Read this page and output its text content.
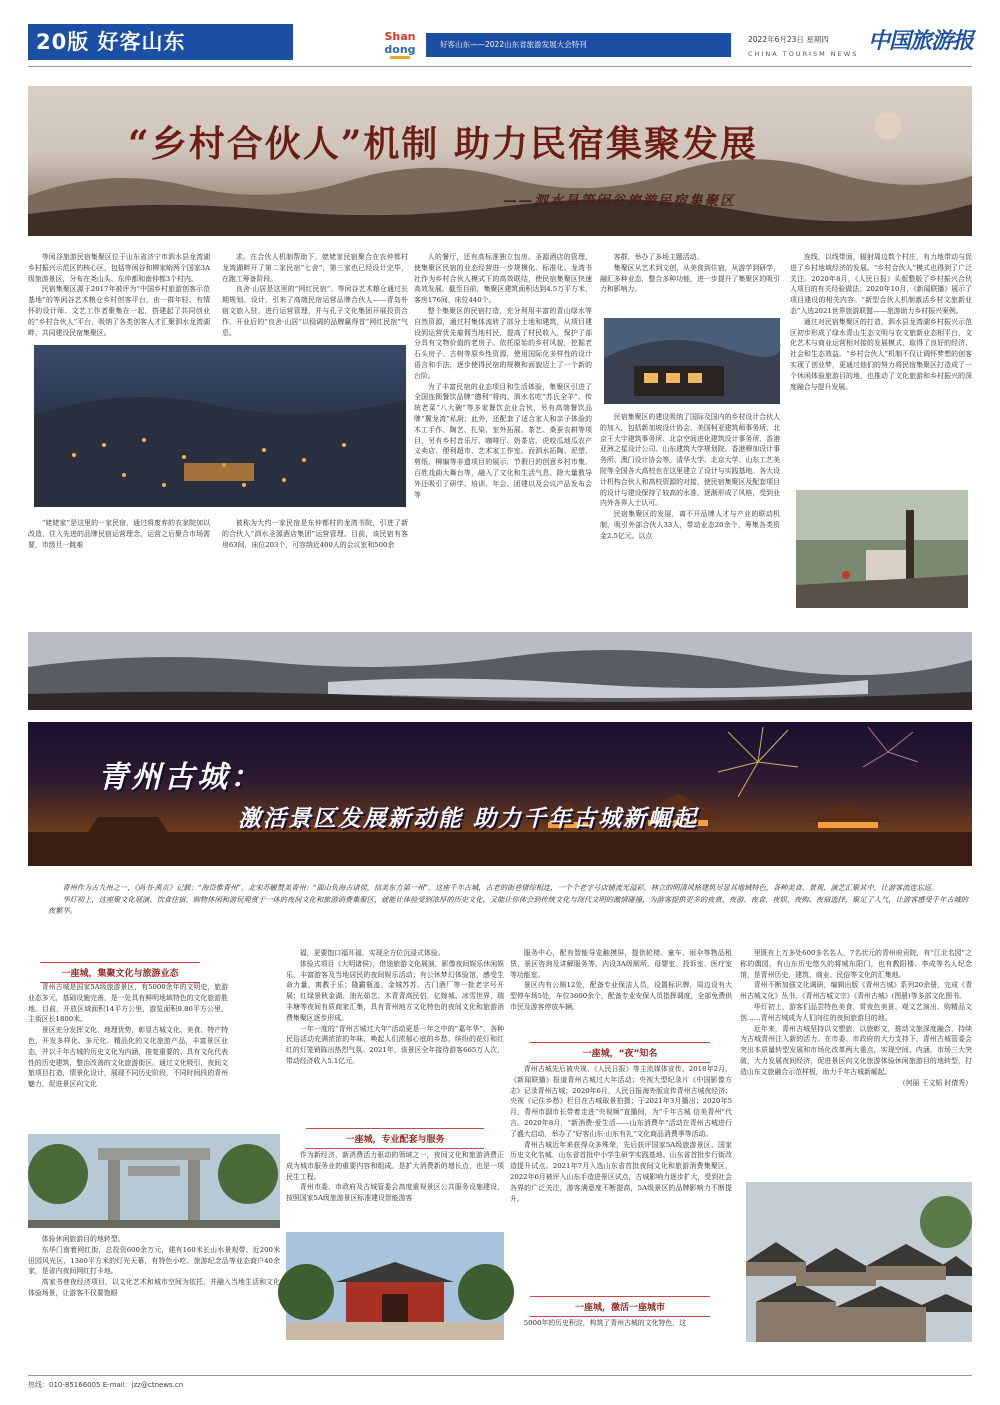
20版 好客山东	Shan
dong	好客山东——2022山东省旅游发展大会特刊
2022年6月23日 星期四
CHINA TOURISM NEWS 中国旅游报
“乡村合伙人”机制 助力民宿集聚发展
——泗水县等闲谷旅游民宿集聚区

等闲谷旅游民宿集聚区位于山东省济宁市泗水县龙湾湖乡村振兴示范区的核心区，包括等闲谷和柳家峪两个国家3A级旅游景区，分布在尧山头、东仲都和南仲都3个村内。

民宿集聚区源于2017年被评为“中国乡村旅游创客示范基地”的等闲谷艺术粮仓乡村创客平台，由一群年轻、有情怀的设计师、文艺工作者聚集在一起，搭建起了共同创业的“乡村合伙人”平台，吸纳了各类创客人才汇聚泗水龙湾湖畔，共同建设民宿集聚区。

“姥姥家”是这里的一家民宿，通过将废弃的农家院加以改造，住入先进的品牌民宿运营理念，运营之后聚合市场需要，市级旦一跳难

求。在合伙人机制帮助下，姥姥家民宿聚合在农仲都村龙湾湖畔开了第二家民宿“七舍”，第三家也已经设计完毕，在跑工筹备阶段。

良舍·山居是这里的“网红民宿”。等闲谷艺术粮仓通过长期规划、设计，引来了高端民宿运营品牌合伙人——青岛朴宿文旅入驻，进行运营管理，并与孔子文化集团开展投资合作。开业后的“良舍·山居”以稳调的品牌赢得首“网红民宿”气息。

被称为大约一家民宿是东仲都村的龙湾书院，引进了新的合伙人“泗水圣源酒店集团”运营管理。目前，该民宿有客房63间，床位203个，可容纳近400人的会议室和500余

人的餐厅，还有高标准独立包房。圣源酒店的管理，使集聚区民宿的业态经营进一步规模化、标准化。龙湾书社作为乡村合伙人模式下的高效联结，使民宿集聚区快速高效发展。截至目前，集聚区建筑面积达到4.5万平方米，客房176间，床位440个。

整个集聚区的民宿打造，充分利用丰富的青山绿水等自然资源，通过村集体流转了部分土地和建筑，从项目建设到运营优先雇佣当地村民，提高了村民收入，保护了部分具有文物价值的老房子。依托原始的乡村风貌，挖掘老石头房子、古树等原乡性资源，使用国际化多样性的设计语言和手法，逐步使得民宿的规模和面貌迈上了一个新的台阶。

为了丰富民宿的业态项目和生活体验，集聚区引进了全国连锁餐饮品牌“德利”将肉、泗水名吃“苏氏全羊”、传统老菜“八大碗”等多家餐饮企业合伙，另有高端餐饮品牌“冀龙湾”私厨；此外，还配套了适合家人和亲子体验的木工手作、陶艺、扎染、室外拓展、茶艺、桑蚕农耕等项目，另有乡村音乐厅、咖啡厅、奶茶店、虎咬瓜地瓜农产义卖店、便利超市、艺术家工作室。而泗水拓陶、泥塑、剪纸、柳编等非遗项目的展示，节假日的创意乡村市集、百姓戏曲大舞台等，融入了文化和生活气息。除大量教导外还吸引了研学、培训、年会、团建以及会议产品发布会等

客群，举办了多场主题活动。

集聚区从艺术到文创，从美食到住宿，从游学到研学，融汇多种业态，整合多种功能，进一步提升了集聚区的吸引力和影响力。

民宿集聚区的建设吸纳了国际及国内的乡村设计合伙人的加入，包括新加坡设计协会、美国柯亚建筑师事务所、北京王大宇建筑事务所、北京空间进化建筑设计事务所、香港亚洲之星设计公司、山东建筑大学规划院、香港穆加设计事务所、澳门设计协会等。清华大学、北京大学、山东工艺美院等全国各大高校也在这里建立了设计与实践基地。各大设计机构合伙人和高校资源的对接，使民宿集聚区及配套项目的设计与建设保持了较高的水准，逐渐形成了风格，受到业内外各界人士认可。

民宿集聚区的发展，离不开品牌人才与产业的联动机制，吸引外部合伙人33人，带动业态20余个，筹集各类资金2.5亿元。以点

连线，以线带面，辐射周边数个村庄，有力地带动与促进了乡村地域经济的发展。“乡村合伙人”模式也得到了广泛关注。2020年8月，《人民日报》头版整版了乡村振兴合伙人项目的有关经验做法；2020年10月，《新闻联播》展示了项目建设的相关内容。“新型合伙人机制激活乡村文旅新业态”入选2021世界旅游联盟——旅游助力乡村振兴案例。

通过对民宿集聚区的打造，泗水县龙湾湖乡村振兴示范区初步形成了绿水青山生态文明与农文旅新业态相平台，文化艺术与商业运营相对接的发展模式，取得了良好的经济、社会和生态效益。“乡村合伙人”机制不仅让调怀梦想的创客实现了创业梦，更通过他们的努力将民宿集聚区打造成了一个休闲体验旅游目的地，也推动了文化旅游和乡村振兴的深度融合与提升发展。

青州古城：
激活景区发展新动能 助力千年古城新崛起

青州作为古九州之一，《尚书·禹贡》记载：“海岱惟青州”。北宋苏辙赞美青州：“面山负海古诸侯，信美东方第一州”。这座千年古城，古老的街巷错综相连，一个个老字号店铺流光溢彩，林立的明清风格建筑尽显其地域特色，各种美食、景观、演艺汇聚其中，让游客流连忘返。

华灯初上，这座聚文化展演、饮食住宿、购物休闲和游玩观赏于一体的夜间文化和旅游消费集聚区，就能让体验受到浓厚的历史文化，又能让你体会到传统文化与现代文明的激情碰撞，为游客提供更多的夜赏、夜游、夜食、夜娱、夜购、夜宿选择，聚足了人气，让游客感受千年古城的夜繁华。

一座城，集聚文化与旅游业态

青州古城是国家5A级旅游景区，有5000余年的文明史，旅游业态多元，基础设施完善，是一处具有鲜明地域特色的文化旅游胜地。目前，开放区域面积14平方公里，游览面积9.86平方公里，主街区长1800米。

景区充分发挥文化、地理优势，彰显古城文化、美食、特产特色，开发多样化、多元化、精品化的文化旅游产品，丰富景区业态，并以千年古城的历史文化为内涵，推复重要的、具有文化代表性的历史建筑，整治改善的文化旅游街区。通过文化吸引，夜间文旅项目打造，情景化设计，展现不同历史阶段，不同时间段的青州魅力，促进景区向文化

体验休闲旅游目的地转型。

东华门南着网红街，总投资600余万元，建有160米长山水景观带、近200米田园风光区、1380平方米的灯光天幕，有特色小吃、旅游纪念品等业态商户40余家，是省内夜间网红打卡地。

高家书巷夜经济项目，以文化艺术和城市空间为依托，并融入当地生活和文化体验场景，让游客不仅要饱眼

福，更要饱口福耳福，实现全方位沉浸式体验。

体验式项目《大明诸侯》，借途旅游文化展演，影像夜间娱乐休闲娱乐，丰富游客及当地居民的夜间娱乐活动；有公休梦幻体验馆，感受生命力量，寓教于乐；隆霸瓶盖、金城苏苏、古门酒厂等一批老字号开展；红绿景秋金湖、油光茹艺、木青青高民俗、亿嫁城、冰雪世界，瑞丰塘等夜间有质商家汇集，具有青州地方文化特色的夜间文化和旅游消费集聚区逐步形成。

一年一度的“青州古城过大年”活动更是一年之中的“嘉年华”，各种民俗活动充满浓浓的年味，唤起人们浓郁心底的乡愁，缤纷的花灯和红红的灯笼销陈出热烈气氛。2021年，该景区全年接待游客665万人次，带动经济收入5.1亿元。

一座城，专业配套与服务

作为新经济、新消费活力驱动的领域之一，夜间文化和旅游消费正成为城市服务业的重要内容和组成。是扩大消费新的增长点，也是一项民生工程。

青州市委、市政府及古城管委会高度重视景区公共服务设施建设，按照国家5A级旅游景区标准建设智能游客

服务中心，配有智能导览触摸屏，提供轮椅、童车、雨伞等物品租赁、景区咨询及讲解服务等，内设3A级厕所、母婴室、投诉室、医疗室等功能室。

景区内有公厕12处，配备专业保洁人员，设置标识牌，周边设有大型停车场5处，车位3600余个，配备专业安保人员指挥调度，全部免费供市民及游客停放车辆。

一座城，“夜”知名

青州古城先后被央视、《人民日报》等主流媒体宣传。2018年2月，《新闻联播》报道青州古城过大年活动；央视大型纪录片《中国影像方志》记录青州古城；2020年6月，人民日报海外版宣传青州古城夜经济；央视《记住乡愁》栏目在古城取景拍摄；于2021年3月播出；2020年5月，青州市副市长带着走进“央视频”直播间，为“千年古城 信美青州”代言。2020年8月，“新消费·爱生活——山东消费年”活动在青州古城进行了盛大启动，举办了“好客山东·山东有礼”文化商品消费季等活动。

青州古城近年来获得众多殊荣，先后获评国家5A级旅游景区、国家历史文化名城、山东省首批中小学生研学实践基地、山东省首批步行街改造提升试点。2021年7月入选山东省首批夜间文化和旅游消费集聚区，2022年6月被评入山东手造进景区试点，古城影响力逐步扩大，受到社会各界的广泛关注，游客满意度不断提高，5A级景区的品牌影响力不断提升。

一座城，激活一座城市

5000年的历史积淀，构筑了青州古城的文化特色，这

里既有上万多处600多名名人，7名状元的青州府贡院，有“江北名园”之称的偶园，有山东历史悠久的将城东阳门，也有教阳楼、李成等名人纪念馆，是青州历史、建筑、商业、民俗等文化的汇集地。

青州不断加强文化调研，编辑出版《青州古城》系列20余册，完成《青州古城文化》丛书、《青州古城文宗》《青州古城》(图册)等多部文化图书。

华灯初上，游客们品尝特色美食、赏夜色美景、观文艺演出、购精品文创……青州古城成为人们向往的夜间旅游目的地。

近年来，青州古城坚持以文塑旅、以旅彰文，推动文旅深度融合，持续为古城青州注入新的活力。在市委、市政府的大力支持下，青州古城管委会突出本质量转型发展和市场化改革两大重点，实现空间、内涵、市场三大突破，大力发展夜间经济，促进景区向文化旅游体验休闲旅游目的地转型，打造山东文旅融合示范样板，助力千年古城新崛起。

（何丽 王文韬 时倩秀）

热线：010-85166005 E-mail：jzz@ctnews.cn
